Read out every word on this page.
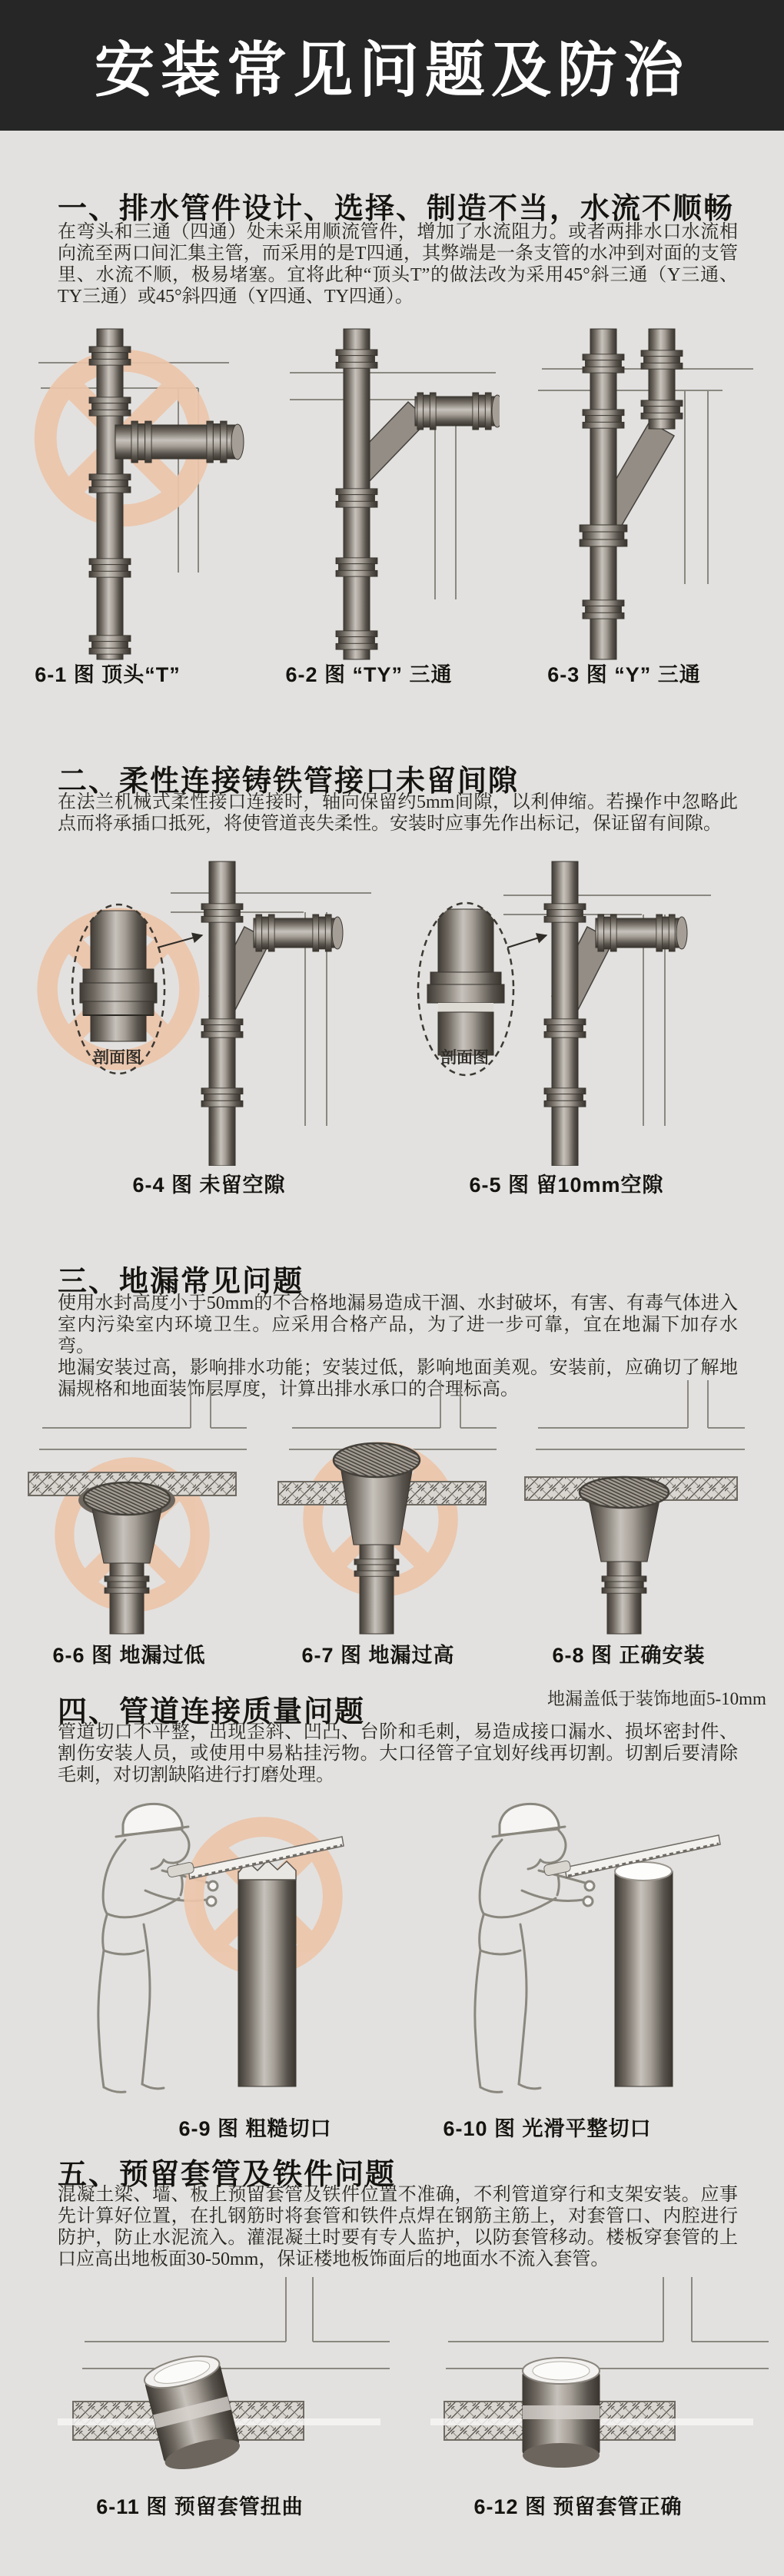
安装常见问题及防治
一、排水管件设计、选择、制造不当，水流不顺畅

在弯头和三通（四通）处未采用顺流管件，增加了水流阻力。或者两排水口水流相向流至两口间汇集主管，而采用的是T四通，其弊端是一条支管的水冲到对面的支管里、水流不顺，极易堵塞。宜将此种“顶头T”的做法改为采用45°斜三通（Y三通、TY三通）或45°斜四通（Y四通、TY四通）。

6-1 图 顶头“T”	6-2 图 “TY” 三通	6-3 图 “Y” 三通
二、柔性连接铸铁管接口未留间隙

在法兰机械式柔性接口连接时，轴向保留约5mm间隙，以利伸缩。若操作中忽略此点而将承插口抵死，将使管道丧失柔性。安装时应事先作出标记，保证留有间隙。

剖面图	剖面图
6-4 图 未留空隙	6-5 图 留10mm空隙
三、地漏常见问题

使用水封高度小于50mm的不合格地漏易造成干涸、水封破坏，有害、有毒气体进入室内污染室内环境卫生。应采用合格产品，为了进一步可靠，宜在地漏下加存水弯。

地漏安装过高，影响排水功能；安装过低，影响地面美观。安装前，应确切了解地漏规格和地面装饰层厚度，计算出排水承口的合理标高。

6-6 图 地漏过低	6-7 图 地漏过高	6-8 图 正确安装
地漏盖低于装饰地面5-10mm
四、管道连接质量问题

管道切口不平整，出现歪斜、凹凸、台阶和毛刺，易造成接口漏水、损坏密封件、割伤安装人员，或使用中易粘挂污物。大口径管子宜划好线再切割。切割后要清除毛刺，对切割缺陷进行打磨处理。

6-9 图 粗糙切口	6-10 图 光滑平整切口
五、预留套管及铁件问题

混凝土梁、墙、板上预留套管及铁件位置不准确，不利管道穿行和支架安装。应事先计算好位置，在扎钢筋时将套管和铁件点焊在钢筋主筋上，对套管口、内腔进行防护，防止水泥流入。灌混凝土时要有专人监护，以防套管移动。楼板穿套管的上口应高出地板面30-50mm，保证楼地板饰面后的地面水不流入套管。

6-11 图 预留套管扭曲	6-12 图 预留套管正确
